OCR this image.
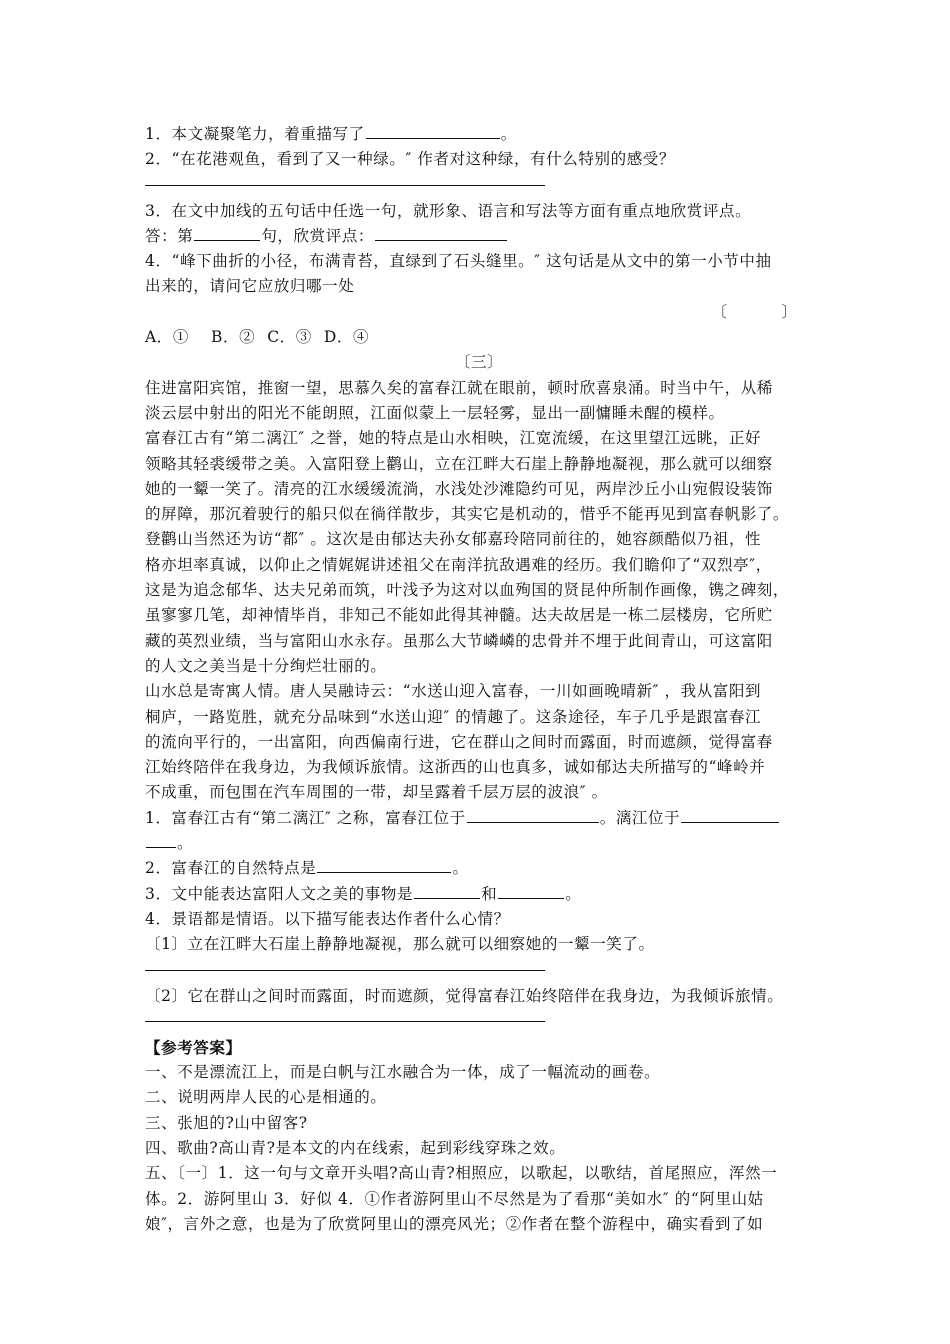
1．本文凝聚笔力，着重描写了	。
2．“在花港观鱼，看到了又一种绿。″ 作者对这种绿，有什么特别的感受？
3．在文中加线的五句话中任选一句，就形象、语言和写法等方面有重点地欣赏评点。
答：第	句，欣赏评点：
4．“峰下曲折的小径，布满青苔，直绿到了石头缝里。″ 这句话是从文中的第一小节中抽
出来的，请问它应放归哪一处
〔　　　〕
A．① B．② C．③ D．④
〔三〕
住进富阳宾馆，推窗一望，思慕久矣的富春江就在眼前，顿时欣喜泉涌。时当中午，从稀
淡云层中射出的阳光不能朗照，江面似蒙上一层轻雾，显出一副慵睡未醒的模样。
富春江古有“第二漓江″ 之誉，她的特点是山水相映，江宽流缓，在这里望江远眺，正好
领略其轻裘缓带之美。入富阳登上鹳山，立在江畔大石崖上静静地凝视，那么就可以细察
她的一颦一笑了。清亮的江水缓缓流淌，水浅处沙滩隐约可见，两岸沙丘小山宛假设装饰
的屏障，那沉着驶行的船只似在徜徉散步，其实它是机动的，惜乎不能再见到富春帆影了。
登鹳山当然还为访“都″ 。这次是由郁达夫孙女郁嘉玲陪同前往的，她容颜酷似乃祖，性
格亦坦率真诚，以仰止之情娓娓讲述祖父在南洋抗敌遇难的经历。我们瞻仰了“双烈亭″，
这是为追念郁华、达夫兄弟而筑，叶浅予为这对以血殉国的贤昆仲所制作画像，镌之碑刻，
虽寥寥几笔，却神情毕肖，非知己不能如此得其神髓。达夫故居是一栋二层楼房，它所贮
藏的英烈业绩，当与富阳山水永存。虽那么大节嶙嶙的忠骨并不埋于此间青山，可这富阳
的人文之美当是十分绚烂壮丽的。
山水总是寄寓人情。唐人吴融诗云：“水送山迎入富春，一川如画晚晴新″ ，我从富阳到
桐庐，一路览胜，就充分品味到“水送山迎″ 的情趣了。这条途径，车子几乎是跟富春江
的流向平行的，一出富阳，向西偏南行进，它在群山之间时而露面，时而遮颜，觉得富春
江始终陪伴在我身边，为我倾诉旅情。这浙西的山也真多，诚如郁达夫所描写的“峰岭并
不成重，而包围在汽车周围的一带，却呈露着千层万层的波浪″ 。
1．富春江古有“第二漓江″ 之称，富春江位于	。漓江位于
。
2．富春江的自然特点是	。
3．文中能表达富阳人文之美的事物是	和	。
4．景语都是情语。以下描写能表达作者什么心情？
〔1〕立在江畔大石崖上静静地凝视，那么就可以细察她的一颦一笑了。
〔2〕它在群山之间时而露面，时而遮颜，觉得富春江始终陪伴在我身边，为我倾诉旅情。
【参考答案】
一、不是漂流江上，而是白帆与江水融合为一体，成了一幅流动的画卷。
二、说明两岸人民的心是相通的。
三、张旭的?山中留客?
四、歌曲?高山青?是本文的内在线索，起到彩线穿珠之效。
五、〔一〕1．这一句与文章开头唱?高山青?相照应，以歌起，以歌结，首尾照应，浑然一
体。2．游阿里山 3．好似 4．①作者游阿里山不尽然是为了看那“美如水″ 的“阿里山姑
娘″，言外之意，也是为了欣赏阿里山的漂亮风光；②作者在整个游程中，确实看到了如
